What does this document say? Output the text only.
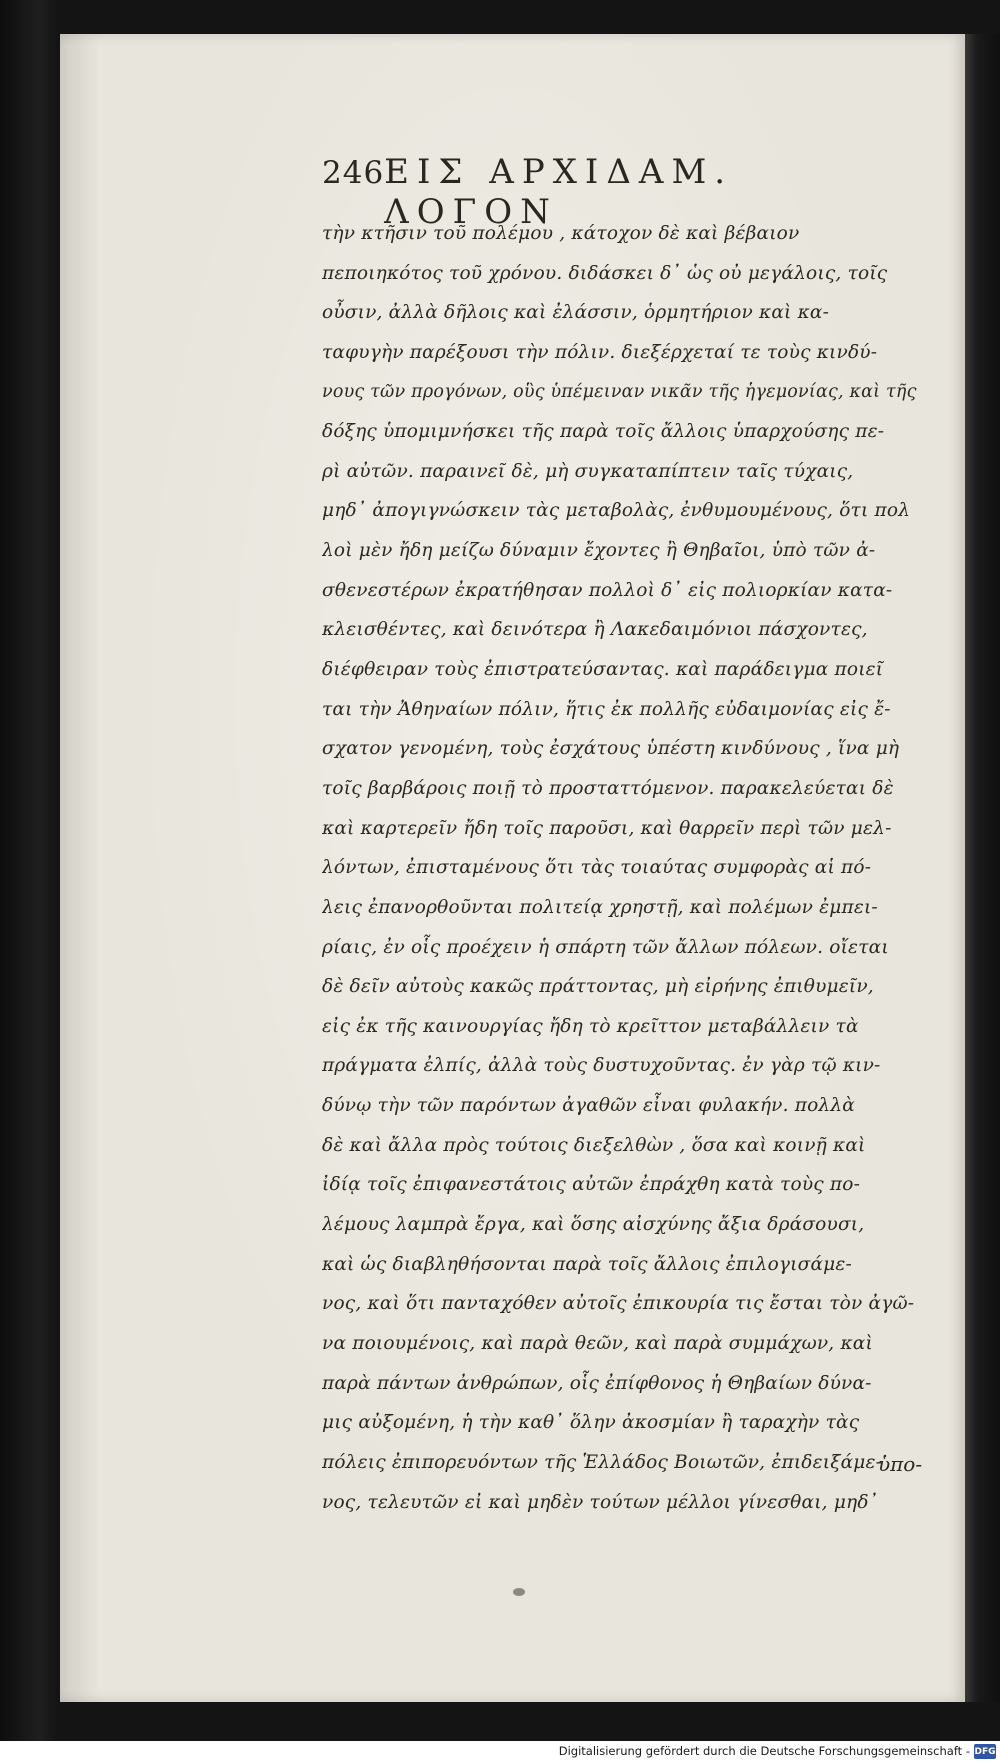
246 ΕΙΣ ΑΡΧΙΔΑΜ. ΛΟΓΟΝ
τὴν κτῆσιν τοῦ πολέμου , κάτοχον δὲ καὶ βέβαιον
πεποιηκότος τοῦ χρόνου. διδάσκει δ᾽ ὡς οὐ μεγάλοις, τοῖς
οὖσιν, ἀλλὰ δῆλοις καὶ ἐλάσσιν, ὁρμητήριον καὶ κα-
ταφυγὴν παρέξουσι τὴν πόλιν. διεξέρχεταί τε τοὺς κινδύ-
νους τῶν προγόνων, οὓς ὑπέμειναν νικᾶν τῆς ἡγεμονίας, καὶ τῆς
δόξης ὑπομιμνήσκει τῆς παρὰ τοῖς ἄλλοις ὑπαρχούσης πε-
ρὶ αὐτῶν. παραινεῖ δὲ, μὴ συγκαταπίπτειν ταῖς τύχαις,
μηδ᾽ ἀπογιγνώσκειν τὰς μεταβολὰς, ἐνθυμουμένους, ὅτι πολ
λοὶ μὲν ἤδη μείζω δύναμιν ἔχοντες ἢ Θηβαῖοι, ὑπὸ τῶν ἀ-
σθενεστέρων ἐκρατήθησαν πολλοὶ δ᾽ εἰς πολιορκίαν κατα-
κλεισθέντες, καὶ δεινότερα ἢ Λακεδαιμόνιοι πάσχοντες,
διέφθειραν τοὺς ἐπιστρατεύσαντας. καὶ παράδειγμα ποιεῖ
ται τὴν Ἀθηναίων πόλιν, ἥτις ἐκ πολλῆς εὐδαιμονίας εἰς ἔ-
σχατον γενομένη, τοὺς ἐσχάτους ὑπέστη κινδύνους , ἵνα μὴ
τοῖς βαρβάροις ποιῇ τὸ προσταττόμενον. παρακελεύεται δὲ
καὶ καρτερεῖν ἤδη τοῖς παροῦσι, καὶ θαρρεῖν περὶ τῶν μελ-
λόντων, ἐπισταμένους ὅτι τὰς τοιαύτας συμφορὰς αἱ πό-
λεις ἐπανορθοῦνται πολιτείᾳ χρηστῇ, καὶ πολέμων ἐμπει-
ρίαις, ἐν οἷς προέχειν ἡ σπάρτη τῶν ἄλλων πόλεων. οἴεται
δὲ δεῖν αὐτοὺς κακῶς πράττοντας, μὴ εἰρήνης ἐπιθυμεῖν,
εἰς ἐκ τῆς καινουργίας ἤδη τὸ κρεῖττον μεταβάλλειν τὰ
πράγματα ἐλπίς, ἀλλὰ τοὺς δυστυχοῦντας. ἐν γὰρ τῷ κιν-
δύνῳ τὴν τῶν παρόντων ἀγαθῶν εἶναι φυλακήν. πολλὰ
δὲ καὶ ἄλλα πρὸς τούτοις διεξελθὼν , ὅσα καὶ κοινῇ καὶ
ἰδίᾳ τοῖς ἐπιφανεστάτοις αὐτῶν ἐπράχθη κατὰ τοὺς πο-
λέμους λαμπρὰ ἔργα, καὶ ὅσης αἰσχύνης ἄξια δράσουσι,
καὶ ὡς διαβληθήσονται παρὰ τοῖς ἄλλοις ἐπιλογισάμε-
νος, καὶ ὅτι πανταχόθεν αὐτοῖς ἐπικουρία τις ἔσται τὸν ἀγῶ-
να ποιουμένοις, καὶ παρὰ θεῶν, καὶ παρὰ συμμάχων, καὶ
παρὰ πάντων ἀνθρώπων, οἷς ἐπίφθονος ἡ Θηβαίων δύνα-
μις αὐξομένη, ἡ τὴν καθ᾽ ὅλην ἀκοσμίαν ἢ ταραχὴν τὰς
πόλεις ἐπιπορευόντων τῆς Ἑλλάδος Βοιωτῶν, ἐπιδειξάμε-
νος, τελευτῶν εἰ καὶ μηδὲν τούτων μέλλοι γίνεσθαι, μηδ᾽
ὑπο-
Digitalisierung gefördert durch die Deutsche Forschungsgemeinschaft - DFG
